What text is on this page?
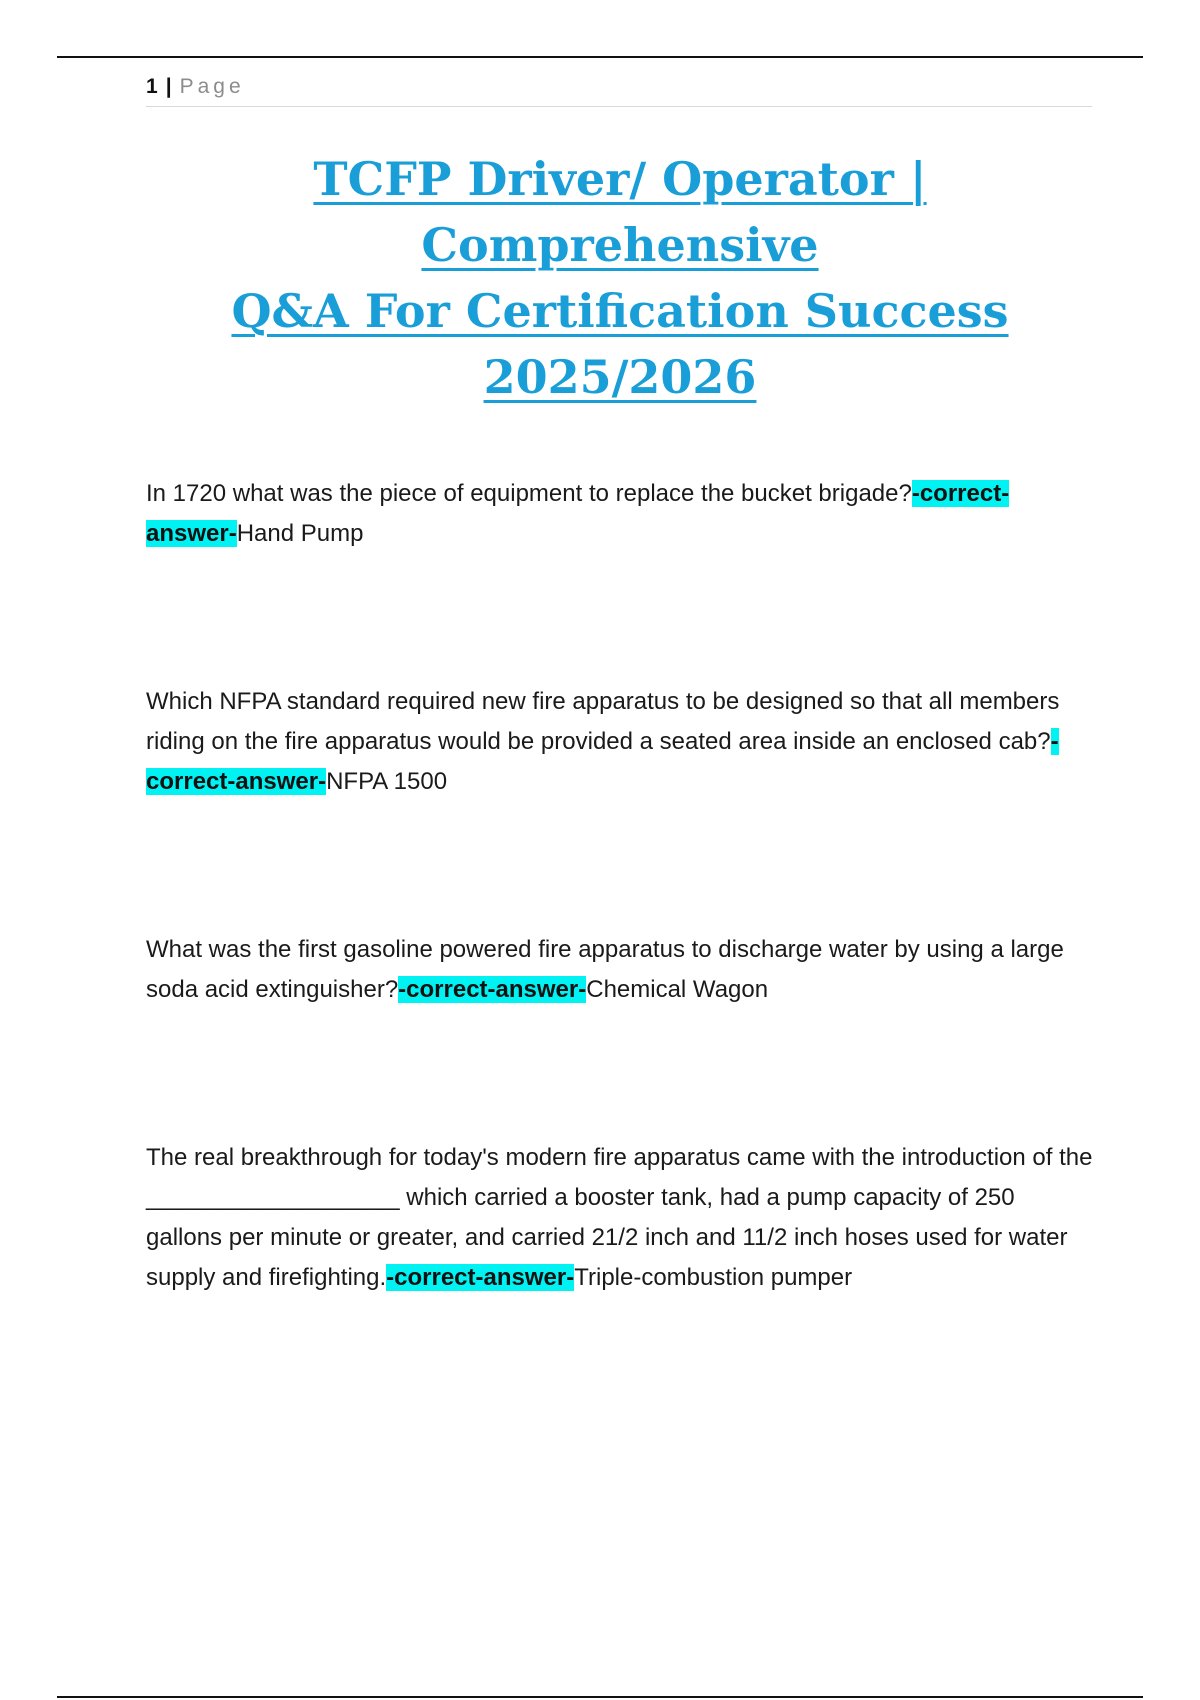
1 | Page
TCFP Driver/ Operator | Comprehensive
Q&A For Certification Success
2025/2026

In 1720 what was the piece of equipment to replace the bucket brigade?-correct-answer-Hand Pump

Which NFPA standard required new fire apparatus to be designed so that all members riding on the fire apparatus would be provided a seated area inside an enclosed cab?-correct-answer-NFPA 1500

What was the first gasoline powered fire apparatus to discharge water by using a large soda acid extinguisher?-correct-answer-Chemical Wagon

The real breakthrough for today's modern fire apparatus came with the introduction of the ___________________ which carried a booster tank, had a pump capacity of 250 gallons per minute or greater, and carried 21/2 inch and 11/2 inch hoses used for water supply and firefighting.-correct-answer-Triple-combustion pumper
